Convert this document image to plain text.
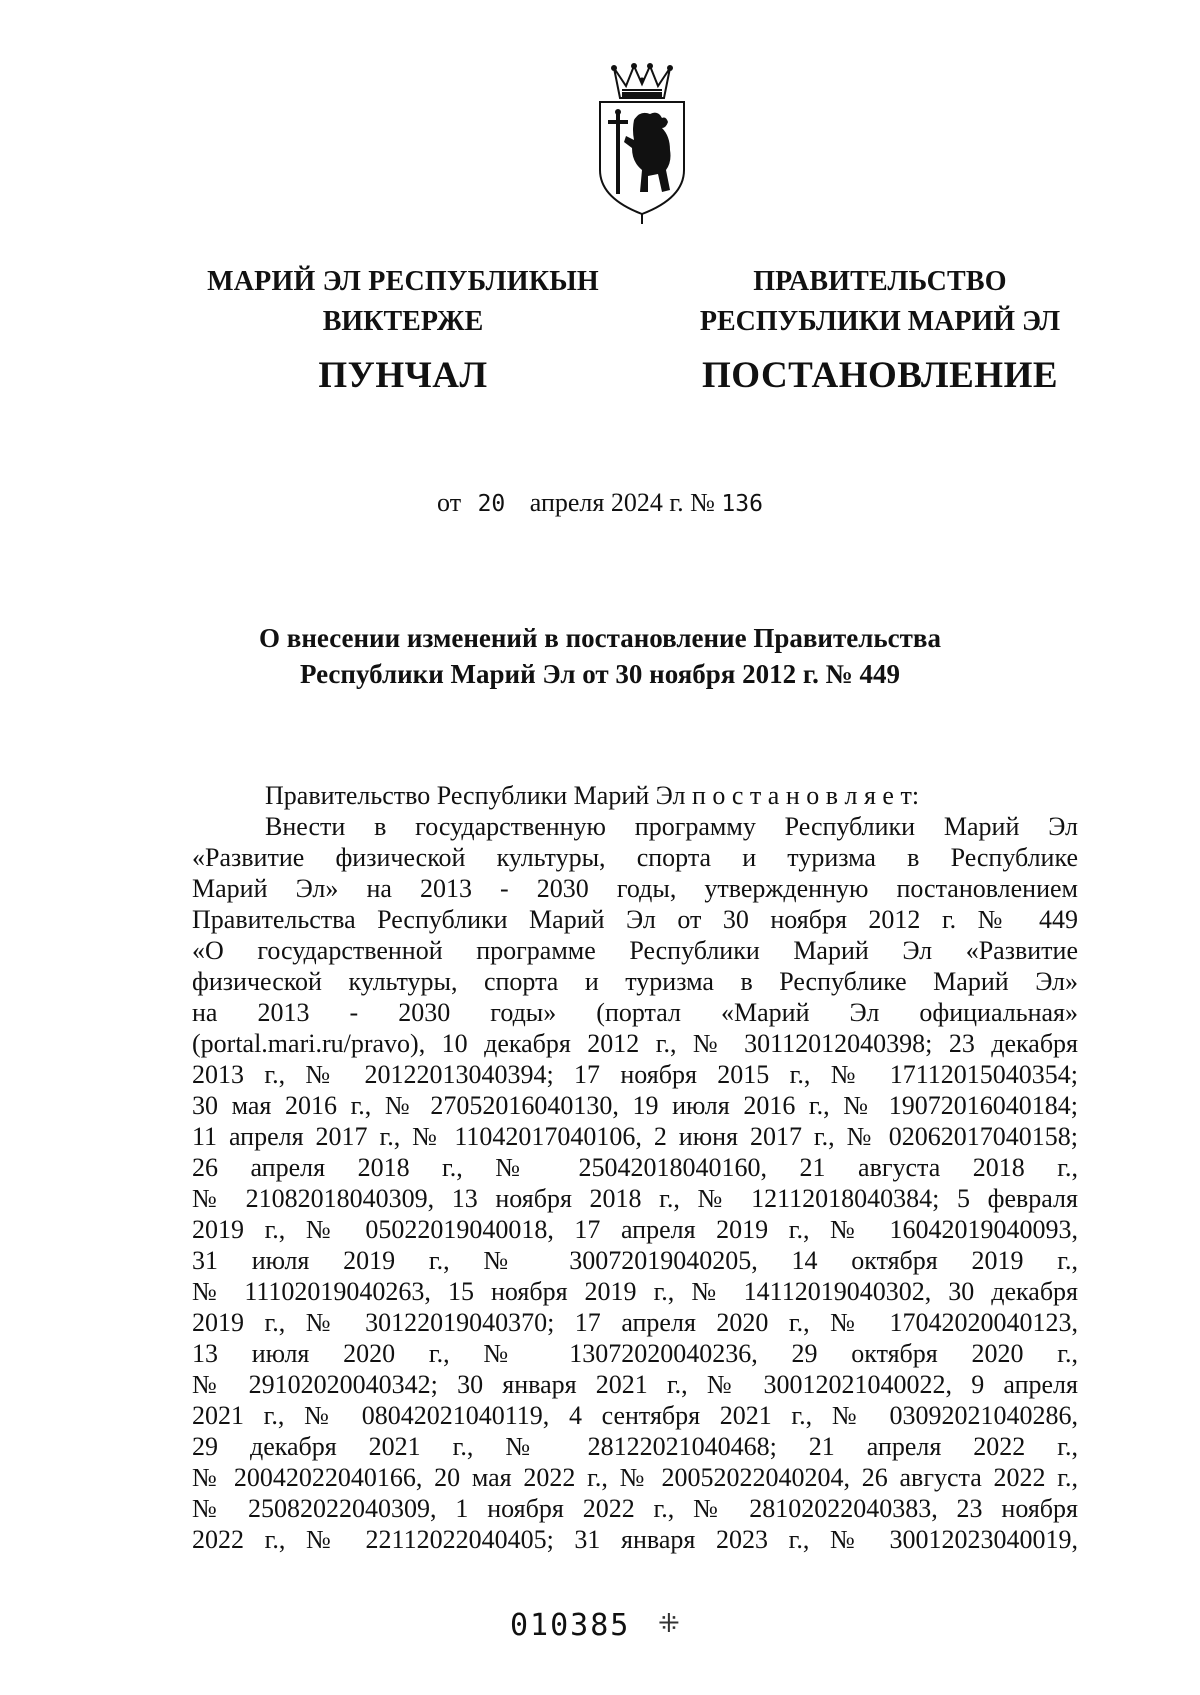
МАРИЙ ЭЛ РЕСПУБЛИКЫН
ВИКТЕРЖЕ
ПУНЧАЛ
ПРАВИТЕЛЬСТВО
РЕСПУБЛИКИ МАРИЙ ЭЛ
ПОСТАНОВЛЕНИЕ
от 20 апреля 2024 г. № 136
О внесении изменений в постановление Правительства
Республики Марий Эл от 30 ноября 2012 г. № 449

Правительство Республики Марий Эл п о с т а н о в л я е т:

Внести в государственную программу Республики Марий Эл

«Развитие физической культуры, спорта и туризма в Республике

Марий Эл» на 2013 - 2030 годы, утвержденную постановлением

Правительства Республики Марий Эл от 30 ноября 2012 г. № 449

«О государственной программе Республики Марий Эл «Развитие

физической культуры, спорта и туризма в Республике Марий Эл»

на 2013 - 2030 годы» (портал «Марий Эл официальная»

(portal.mari.ru/pravo), 10 декабря 2012 г., № 30112012040398; 23 декабря

2013 г., № 20122013040394; 17 ноября 2015 г., № 17112015040354;

30 мая 2016 г., № 27052016040130, 19 июля 2016 г., № 19072016040184;

11 апреля 2017 г., № 11042017040106, 2 июня 2017 г., № 02062017040158;

26 апреля 2018 г., № 25042018040160, 21 августа 2018 г.,

№ 21082018040309, 13 ноября 2018 г., № 12112018040384; 5 февраля

2019 г., № 05022019040018, 17 апреля 2019 г., № 16042019040093,

31 июля 2019 г., № 30072019040205, 14 октября 2019 г.,

№ 11102019040263, 15 ноября 2019 г., № 14112019040302, 30 декабря

2019 г., № 30122019040370; 17 апреля 2020 г., № 17042020040123,

13 июля 2020 г., № 13072020040236, 29 октября 2020 г.,

№ 29102020040342; 30 января 2021 г., № 30012021040022, 9 апреля

2021 г., № 08042021040119, 4 сентября 2021 г., № 03092021040286,

29 декабря 2021 г., № 28122021040468; 21 апреля 2022 г.,

№ 20042022040166, 20 мая 2022 г., № 20052022040204, 26 августа 2022 г.,

№ 25082022040309, 1 ноября 2022 г., № 28102022040383, 23 ноября

2022 г., № 22112022040405; 31 января 2023 г., № 30012023040019,

010385 ⁜
